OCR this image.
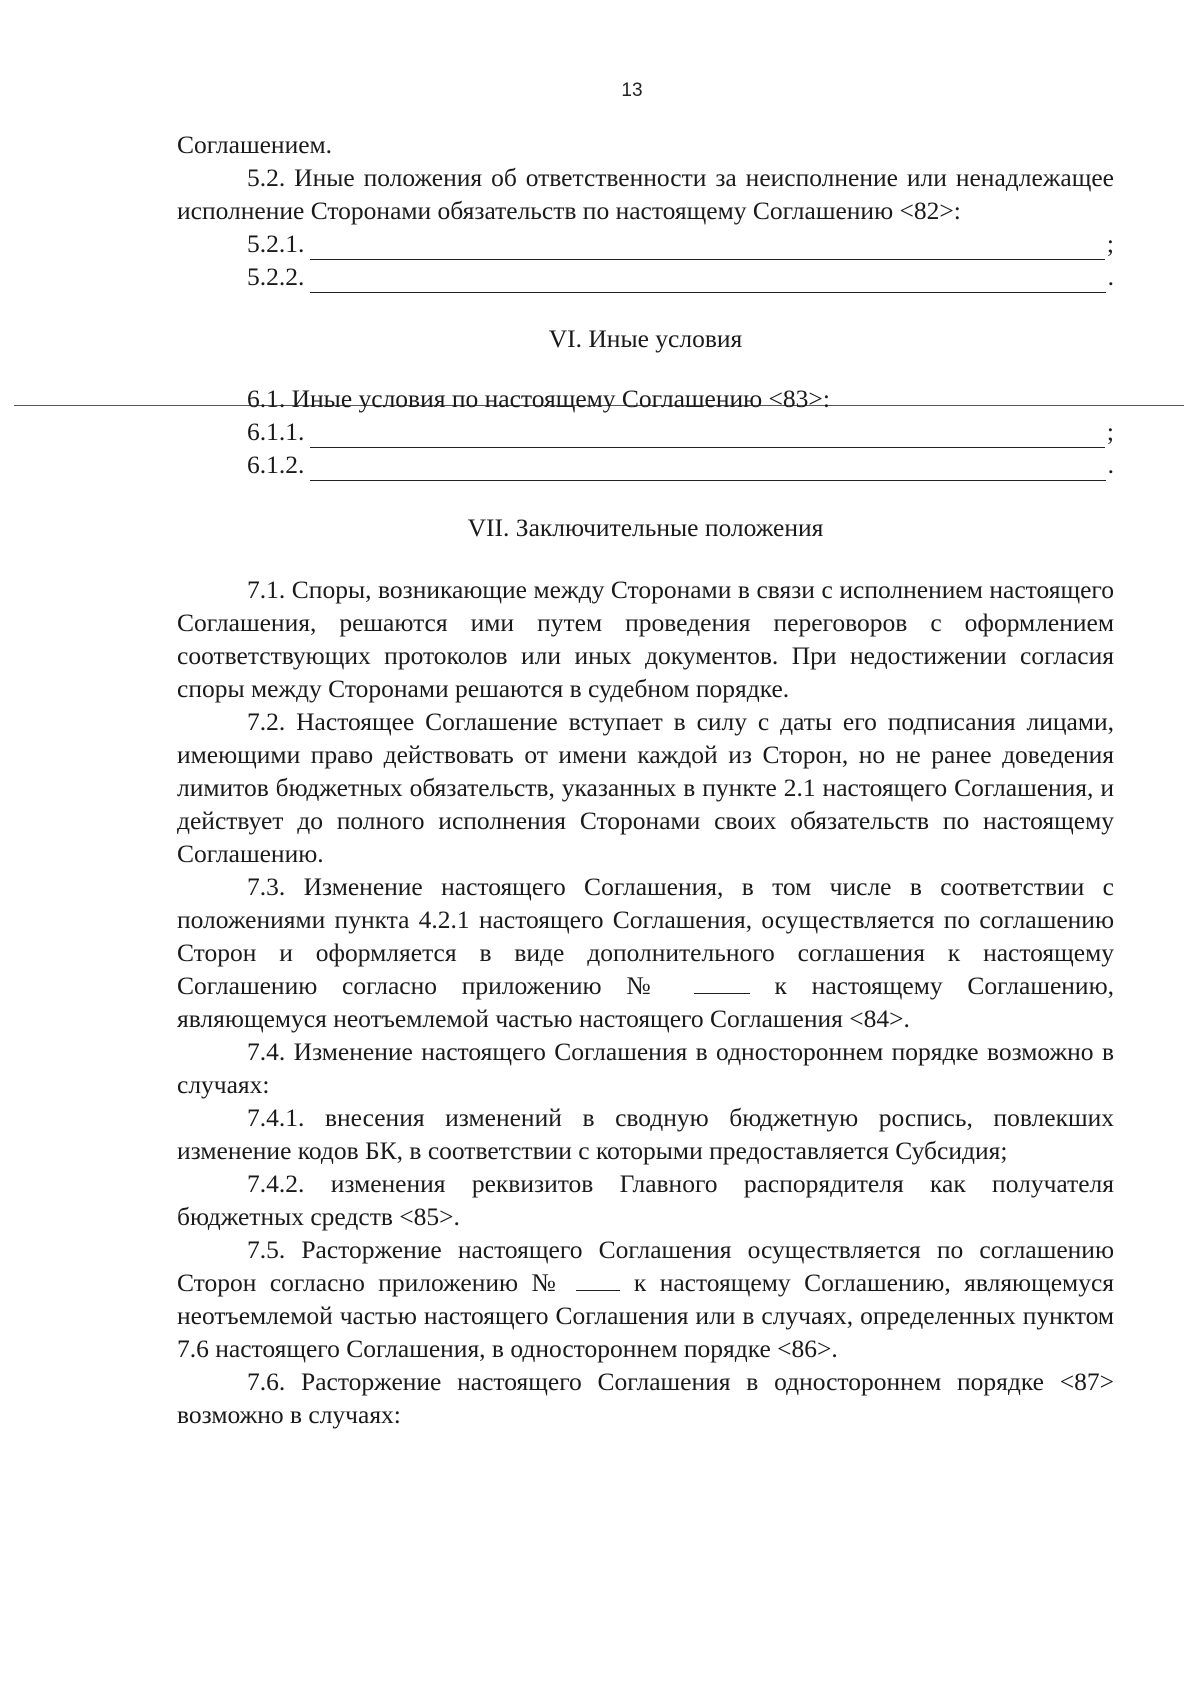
13

Соглашением.

5.2. Иные положения об ответственности за неисполнение или ненадлежащее исполнение Сторонами обязательств по настоящему Соглашению <82>:

5.2.1.	;
5.2.2.	.

VI. Иные условия

6.1. Иные условия по настоящему Соглашению <83>:

6.1.1.	;
6.1.2.	.

VII. Заключительные положения

7.1. Споры, возникающие между Сторонами в связи с исполнением настоящего Соглашения, решаются ими путем проведения переговоров с оформлением соответствующих протоколов или иных документов. При недостижении согласия споры между Сторонами решаются в судебном порядке.

7.2. Настоящее Соглашение вступает в силу с даты его подписания лицами, имеющими право действовать от имени каждой из Сторон, но не ранее доведения лимитов бюджетных обязательств, указанных в пункте 2.1 настоящего Соглашения, и действует до полного исполнения Сторонами своих обязательств по настоящему Соглашению.

7.3. Изменение настоящего Соглашения, в том числе в соответствии с положениями пункта 4.2.1 настоящего Соглашения, осуществляется по соглашению Сторон и оформляется в виде дополнительного соглашения к настоящему Соглашению согласно приложению №	к настоящему Соглашению, являющемуся неотъемлемой частью настоящего Соглашения <84>.

7.4. Изменение настоящего Соглашения в одностороннем порядке возможно в случаях:

7.4.1. внесения изменений в сводную бюджетную роспись, повлекших изменение кодов БК, в соответствии с которыми предоставляется Субсидия;

7.4.2. изменения реквизитов Главного распорядителя как получателя бюджетных средств <85>.

7.5. Расторжение настоящего Соглашения осуществляется по соглашению Сторон согласно приложению №	к настоящему Соглашению, являющемуся неотъемлемой частью настоящего Соглашения или в случаях, определенных пунктом 7.6 настоящего Соглашения, в одностороннем порядке <86>.

7.6. Расторжение настоящего Соглашения в одностороннем порядке <87> возможно в случаях:
